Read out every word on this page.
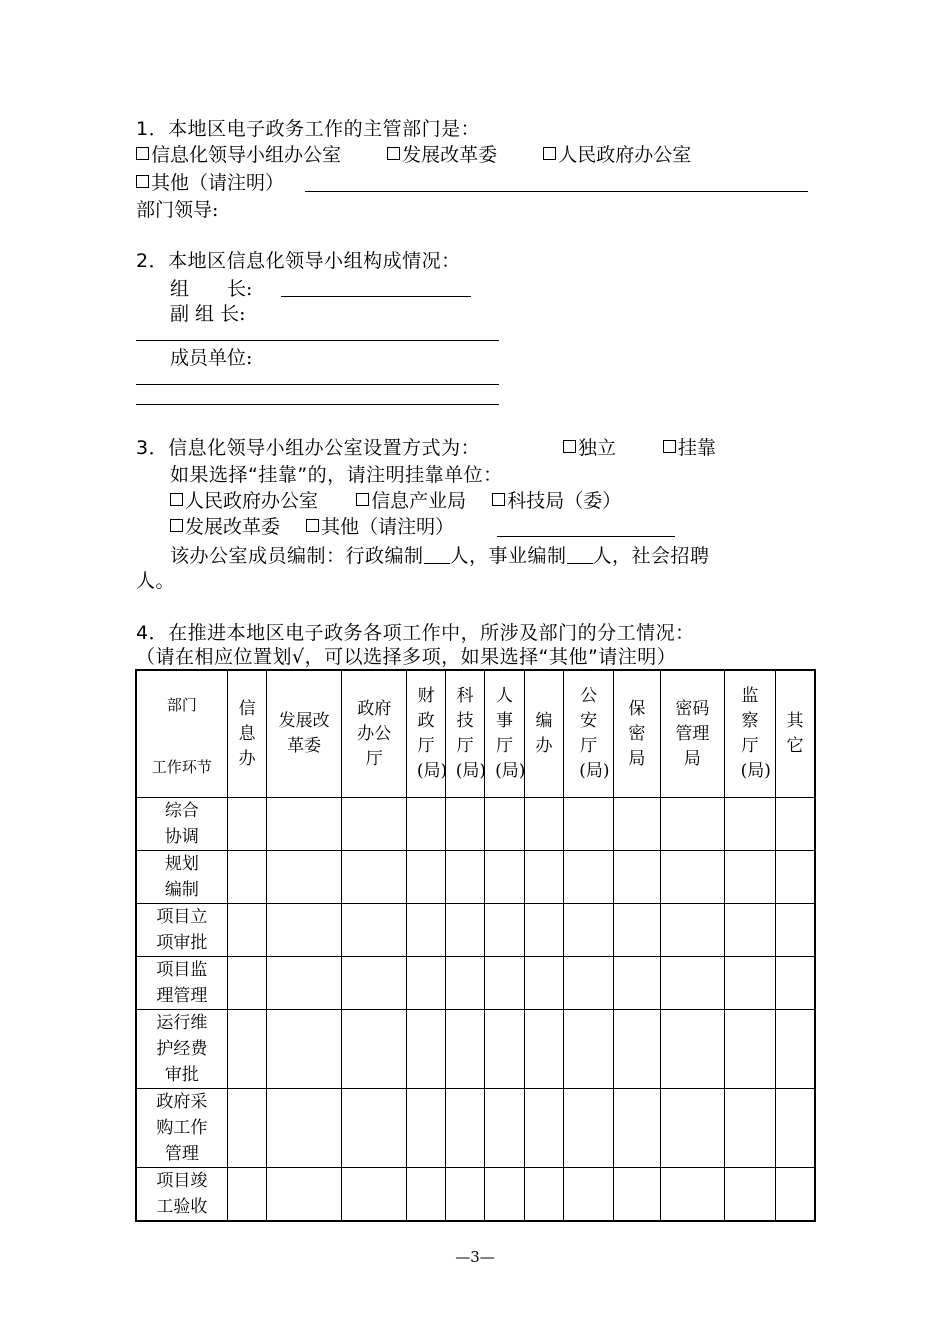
1．本地区电子政务工作的主管部门是：
信息化领导小组办公室	发展改革委	人民政府办公室
其他（请注明）
部门领导:
2．本地区信息化领导小组构成情况：
组　　长:
副 组 长:
成员单位:
3．信息化领导小组办公室设置方式为：	独立	挂靠
如果选择“挂靠”的，请注明挂靠单位：
人民政府办公室	信息产业局 科技局（委）
发展改革委 其他（请注明）
该办公室成员编制：行政编制 人，事业编制 人，社会招聘
人。
4．在推进本地区电子政务各项工作中，所涉及部门的分工情况：
（请在相应位置划√，可以选择多项，如果选择“其他”请注明）
部门
工作环节	信息办	发展改革委	政府办公厅	财政厅(局)	科技厅(局)	人事厅(局)	编办	公安厅(局)	保密局	密码管理局	监察厅(局)	其它
综合协调												
规划编制												
项目立项审批												
项目监理管理												
运行维护经费审批												
政府采购工作管理												
项目竣工验收												
—3—
